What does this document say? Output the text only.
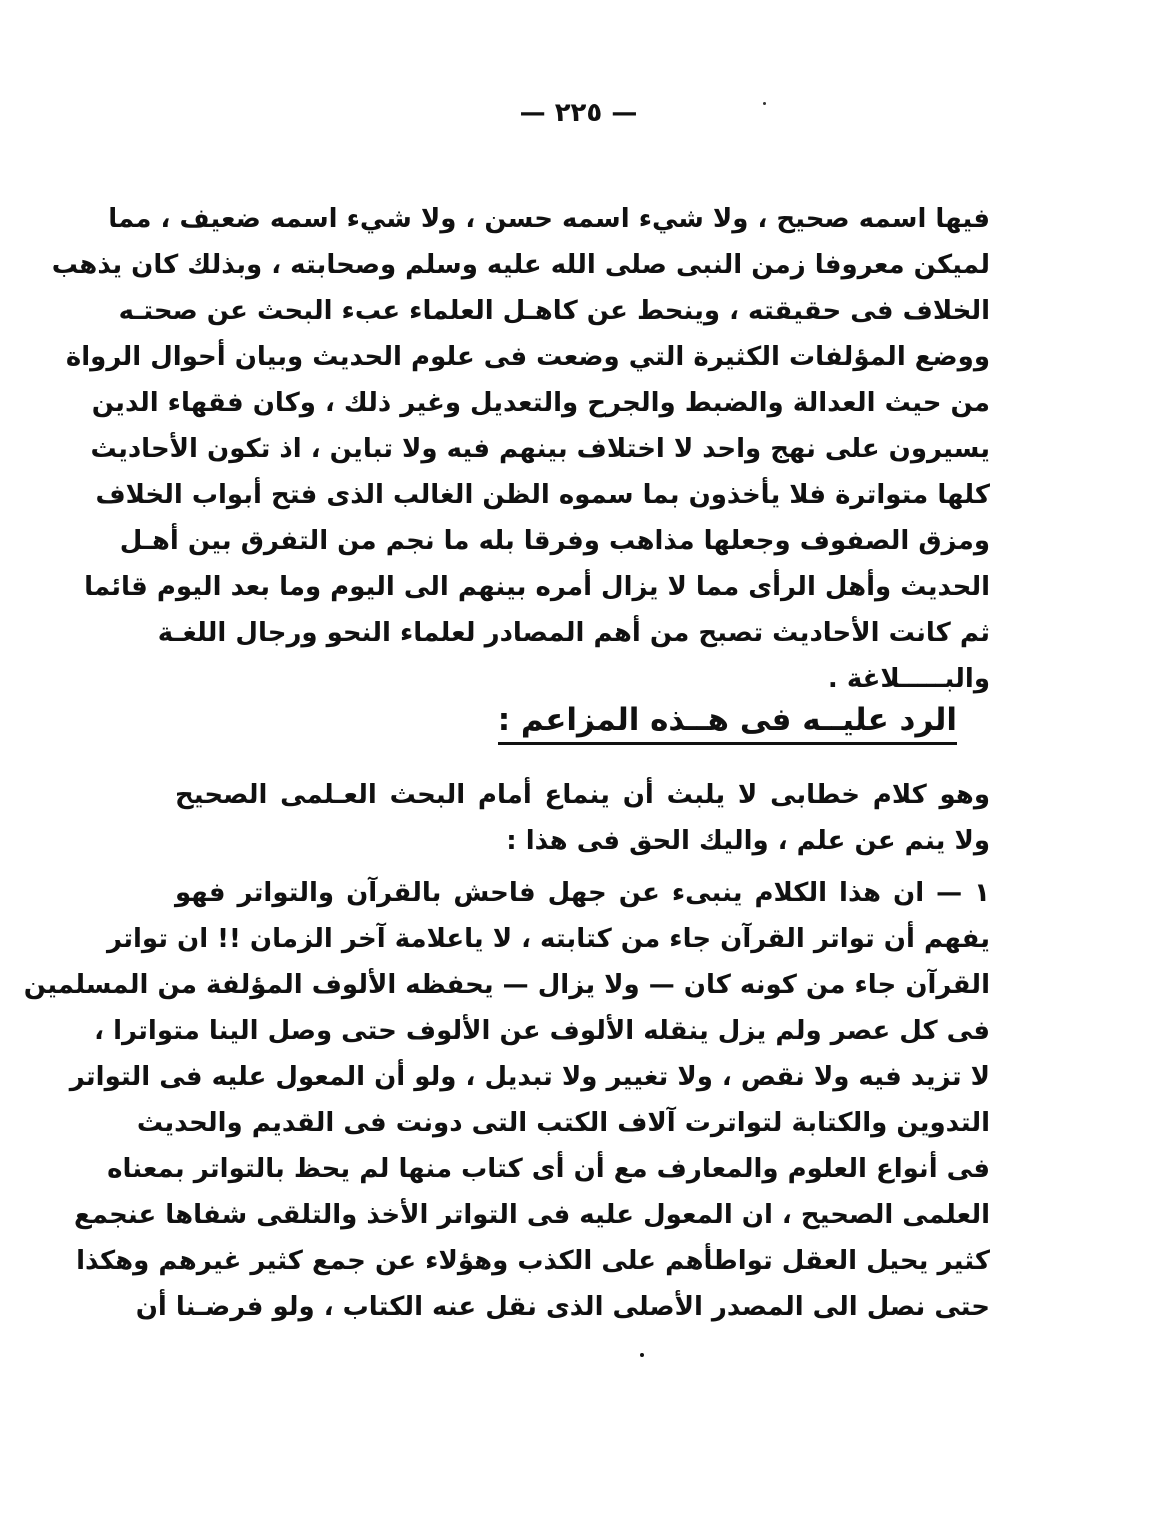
— ٢٢٥ —
فيها اسمه صحيح ، ولا شيء اسمه حسن ، ولا شيء اسمه ضعيف ، مما
لميكن معروفا زمن النبى صلى الله عليه وسلم وصحابته ، وبذلك كان يذهب
الخلاف فى حقيقته ، وينحط عن كاهـل العلماء عبء البحث عن صحتـه
ووضع المؤلفات الكثيرة التي وضعت فى علوم الحديث وبيان أحوال الرواة
من حيث العدالة والضبط والجرح والتعديل وغير ذلك ، وكان فقهاء الدين
يسيرون على نهج واحد لا اختلاف بينهم فيه ولا تباين ، اذ تكون الأحاديث
كلها متواترة فلا يأخذون بما سموه الظن الغالب الذى فتح أبواب الخلاف
ومزق الصفوف وجعلها مذاهب وفرقا بله ما نجم من التفرق بين أهـل
الحديث وأهل الرأى مما لا يزال أمره بينهم الى اليوم وما بعد اليوم قائما
ثم كانت الأحاديث تصبح من أهم المصادر لعلماء النحو ورجال اللغـة
والبـــــلاغة .
الرد عليــه فى هــذه المزاعم :
وهو كلام خطابى لا يلبث أن ينماع أمام البحث العـلمى الصحيح
ولا ينم عن علم ، واليك الحق فى هذا :
١ — ان هذا الكلام ينبىء عن جهل فاحش بالقرآن والتواتر فهو
يفهم أن تواتر القرآن جاء من كتابته ، لا ياعلامة آخر الزمان !! ان تواتر
القرآن جاء من كونه كان — ولا يزال — يحفظه الألوف المؤلفة من المسلمين
فى كل عصر ولم يزل ينقله الألوف عن الألوف حتى وصل الينا متواترا ،
لا تزيد فيه ولا نقص ، ولا تغيير ولا تبديل ، ولو أن المعول عليه فى التواتر
التدوين والكتابة لتواترت آلاف الكتب التى دونت فى القديم والحديث
فى أنواع العلوم والمعارف مع أن أى كتاب منها لم يحظ بالتواتر بمعناه
العلمى الصحيح ، ان المعول عليه فى التواتر الأخذ والتلقى شفاها عنجمع
كثير يحيل العقل تواطأهم على الكذب وهؤلاء عن جمع كثير غيرهم وهكذا
حتى نصل الى المصدر الأصلى الذى نقل عنه الكتاب ، ولو فرضـنا أن
